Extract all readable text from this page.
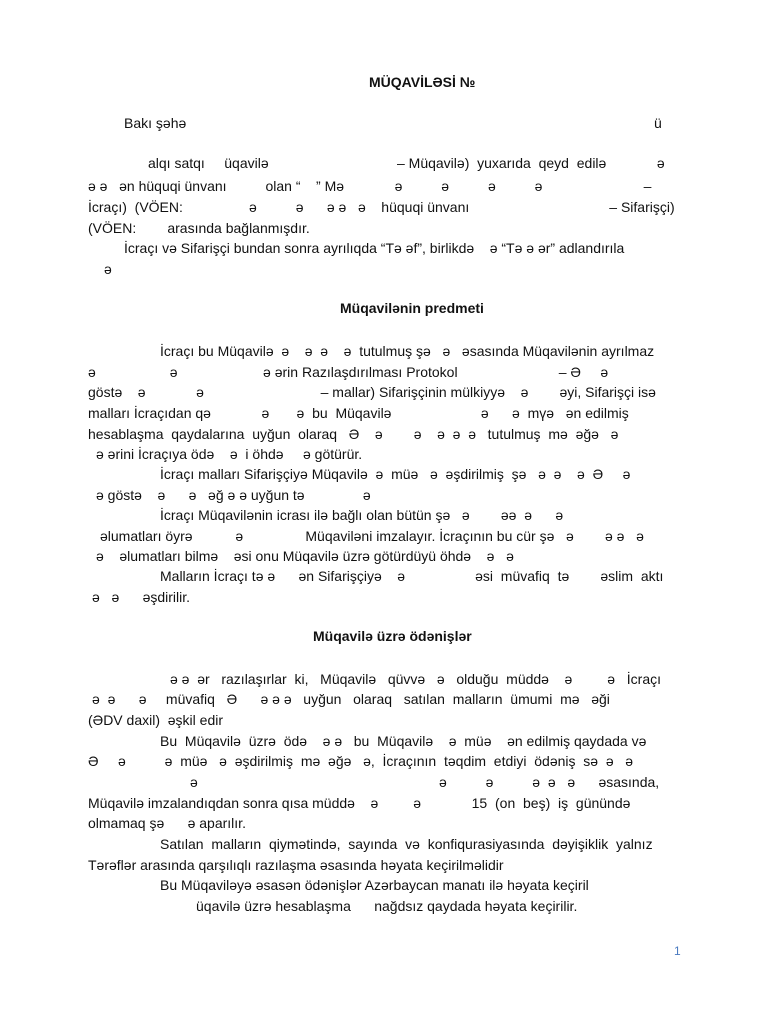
MÜQAVİLƏSİ №
Bakı şəhə	ü
alqı satqı     üqavilə                                 – Müqavilə)  yuxarıda  qeyd  edilə             ə
ə ə   ən hüquqi ünvanı          olan “    ” Mə             ə          ə          ə          ə                          –
İcraçı)  (VÖEN:                 ə          ə      ə ə   ə    hüquqi ünvanı                                    – Sifarişçi)
(VÖEN:        arasında bağlanmışdır.
İcraçı və Sifarişçi bundan sonra ayrılıqda “Tə əf”, birlikdə    ə “Tə ə ər” adlandırıla
ə
Müqavilənin predmeti
İcraçı bu Müqavilə  ə    ə  ə    ə  tutulmuş şə   ə   əsasında Müqavilənin ayrılmaz
ə                   ə                      ə ərin Razılaşdırılması Protokol                          – Ə     ə
göstə    ə             ə                              – mallar) Sifarişçinin mülkiyyə    ə        əyi, Sifarişçi isə
malları İcraçıdan qə             ə       ə  bu  Müqavilə                       ə      ə  mүə   ən edilmiş
hesablaşma  qaydalarına  uyğun  olaraq   Ə    ə        ə    ə  ə  ə   tutulmuş  mə  əğə   ə
ə ərini İcraçıya ödə    ə  i öhdə     ə götürür.
İcraçı malları Sifarişçiyə Müqavilə  ə  müə   ə  əşdirilmiş  şə   ə  ə    ə  Ə     ə
ə göstə    ə      ə   əğ ə ə uyğun tə               ə
İcraçı Müqavilənin icrası ilə bağlı olan bütün şə   ə        əə  ə      ə
əlumatları öyrə           ə                Müqavilәni imzalayır. İcraçının bu cür şə   ə        ə ə   ə
ə    əlumatları bilmə    əsi onu Müqavilə üzrə götürdüyü öhdə    ə   ə
Malların İcraçı tə ə      ən Sifarişçiyə    ə                  əsi  müvafiq  tə        əslim  aktı
ə   ə      əşdirilir.
Müqavilə üzrə ödənişlər
ə ə  ər   razılaşırlar  ki,   Müqavilə   qüvvə   ə   olduğu  müddə    ə         ə   İcraçı
ə  ə      ə     müvafiq   Ə      ə ə ə   uyğun   olaraq   satılan  malların  ümumi  mə   əği
(ƏDV daxil)  əşkil edir
Bu  Müqavilə  üzrə  ödə    ə ə   bu  Müqavilə    ə  müə    ən edilmiş qaydada və
Ə     ə          ə  müə   ə  əşdirilmiş  mə  əğə   ə,  İcraçının  təqdim  etdiyi  ödəniş  sə  ə   ə
ə                                                              ə          ə          ə  ə   ə      əsasında,
Müqavilə imzalandıqdan sonra qısa müddə    ə         ə             15  (on  beş)  iş  günündə
olmamaq şə      ə aparılır.
Satılan  malların  qiymətində,  sayında  və  konfiqurasiyasında  dəyişiklik  yalnız
Tərəflər arasında qarşılıqlı razılaşma əsasında həyata keçirilməlidir
Bu Müqaviləyə əsasən ödənişlər Azərbaycan manatı ilə həyata keçiril
üqavilə üzrə hesablaşma      nağdsız qaydada həyata keçirilir.
1
